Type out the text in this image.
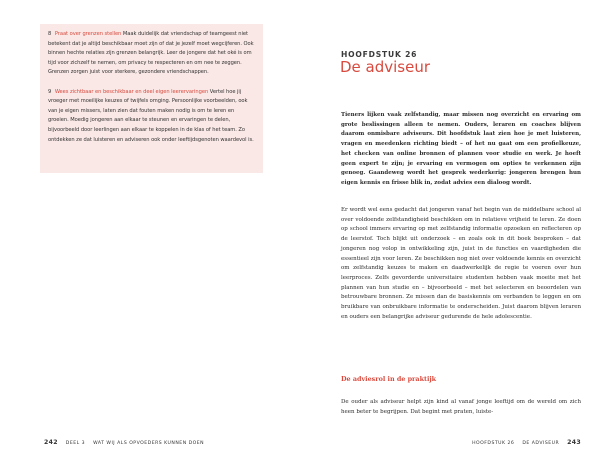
8 Praat over grenzen stellen Maak duidelijk dat vriendschap of teamgeest niet betekent dat je altijd beschikbaar moet zijn of dat je jezelf moet wegcijferen. Ook binnen hechte relaties zijn grenzen belangrijk. Leer de jongere dat het oké is om tijd voor zichzelf te nemen, om privacy te respecteren en om nee te zeggen. Grenzen zorgen juist voor sterkere, gezondere vriendschappen.

9 Wees zichtbaar en beschikbaar en deel eigen leerervaringen Vertel hoe jij vroeger met moeilijke keuzes of twijfels omging. Persoonlijke voorbeelden, ook van je eigen missers, laten zien dat fouten maken nodig is om te leren en groeien. Moedig jongeren aan elkaar te steunen en ervaringen te delen, bijvoorbeeld door leerlingen aan elkaar te koppelen in de klas of het team. Zo ontdekken ze dat luisteren en adviseren ook onder leeftijdsgenoten waardevol is.

242 DEEL 3 WAT WIJ ALS OPVOEDERS KUNNEN DOEN
HOOFDSTUK 26
De adviseur

Tieners lijken vaak zelfstandig, maar missen nog overzicht en ervaring om grote beslissingen alleen te nemen. Ouders, leraren en coaches blijven daarom onmisbare adviseurs. Dit hoofdstuk laat zien hoe je met luisteren, vragen en meedenken richting biedt – of het nu gaat om een profielkeuze, het checken van online bronnen of plannen voor studie en werk. Je hoeft geen expert te zijn; je ervaring en vermogen om opties te verkennen zijn genoeg. Gaandeweg wordt het gesprek wederkerig: jongeren brengen hun eigen kennis en frisse blik in, zodat advies een dialoog wordt.

Er wordt wel eens gedacht dat jongeren vanaf het begin van de middelbare school al over voldoende zelfstandigheid beschikken om in relatieve vrijheid te leren. Ze doen op school immers ervaring op met zelfstandig informatie opzoeken en reflecteren op de leerstof. Toch blijkt uit onderzoek – en zoals ook in dit boek besproken – dat jongeren nog volop in ontwikkeling zijn, juist in de functies en vaardigheden die essentieel zijn voor leren. Ze beschikken nog niet over voldoende kennis en overzicht om zelfstandig keuzes te maken en daadwerkelijk de regie te voeren over hun leerproces. Zelfs gevorderde universitaire studenten hebben vaak moeite met het plannen van hun studie en – bijvoorbeeld – met het selecteren en beoordelen van betrouwbare bronnen. Ze missen dan de basiskennis om verbanden te leggen en om bruikbare van onbruikbare informatie te onderscheiden. Juist daarom blijven leraren en ouders een belangrijke adviseur gedurende de hele adolescentie.

De adviesrol in de praktijk

De ouder als adviseur helpt zijn kind al vanaf jonge leeftijd om de wereld om zich heen beter te begrijpen. Dat begint met praten, luiste-

HOOFDSTUK 26 DE ADVISEUR 243
